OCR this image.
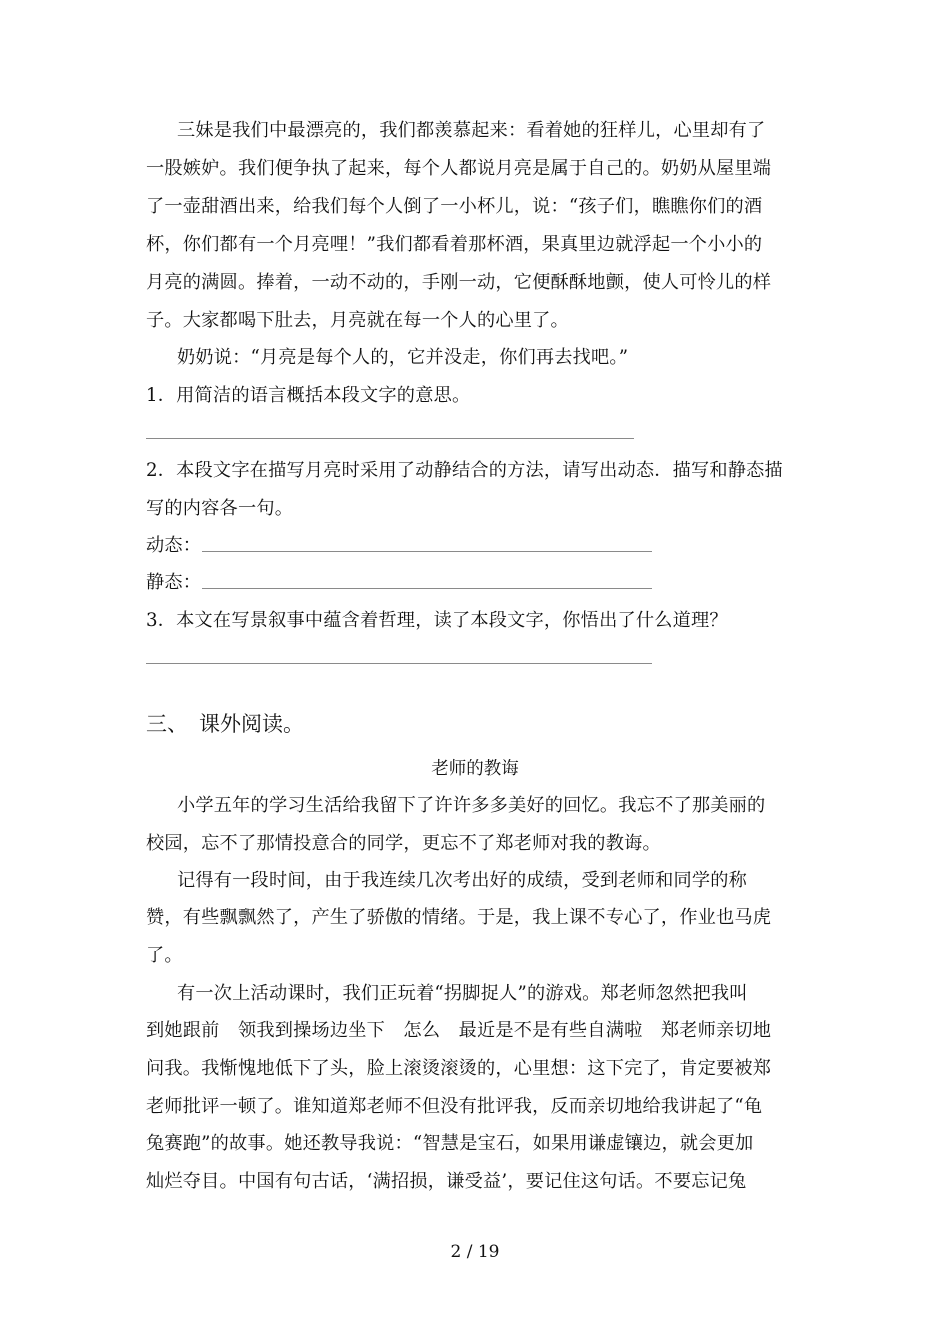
三妹是我们中最漂亮的，我们都羡慕起来：看着她的狂样儿，心里却有了
一股嫉妒。我们便争执了起来，每个人都说月亮是属于自己的。奶奶从屋里端
了一壶甜酒出来，给我们每个人倒了一小杯儿，说：“孩子们，瞧瞧你们的酒
杯，你们都有一个月亮哩！”我们都看着那杯酒，果真里边就浮起一个小小的
月亮的满圆。捧着，一动不动的，手刚一动，它便酥酥地颤，使人可怜儿的样
子。大家都喝下肚去，月亮就在每一个人的心里了。
奶奶说：“月亮是每个人的，它并没走，你们再去找吧。”
1．用简洁的语言概括本段文字的意思。
2．本段文字在描写月亮时采用了动静结合的方法，请写出动态．描写和静态描
写的内容各一句。
动态：
静态：
3．本文在写景叙事中蕴含着哲理，读了本段文字，你悟出了什么道理？
三、 课外阅读。
老师的教诲
小学五年的学习生活给我留下了许许多多美好的回忆。我忘不了那美丽的
校园，忘不了那情投意合的同学，更忘不了郑老师对我的教诲。
记得有一段时间，由于我连续几次考出好的成绩，受到老师和同学的称
赞，有些飘飘然了，产生了骄傲的情绪。于是，我上课不专心了，作业也马虎
了。
有一次上活动课时，我们正玩着“拐脚捉人”的游戏。郑老师忽然把我叫
到她跟前　领我到操场边坐下　怎么　最近是不是有些自满啦　郑老师亲切地
问我。我惭愧地低下了头，脸上滚烫滚烫的，心里想：这下完了，肯定要被郑
老师批评一顿了。谁知道郑老师不但没有批评我，反而亲切地给我讲起了“龟
兔赛跑”的故事。她还教导我说：“智慧是宝石，如果用谦虚镶边，就会更加
灿烂夺目。中国有句古话，‘满招损，谦受益’，要记住这句话。不要忘记兔
2 / 19
